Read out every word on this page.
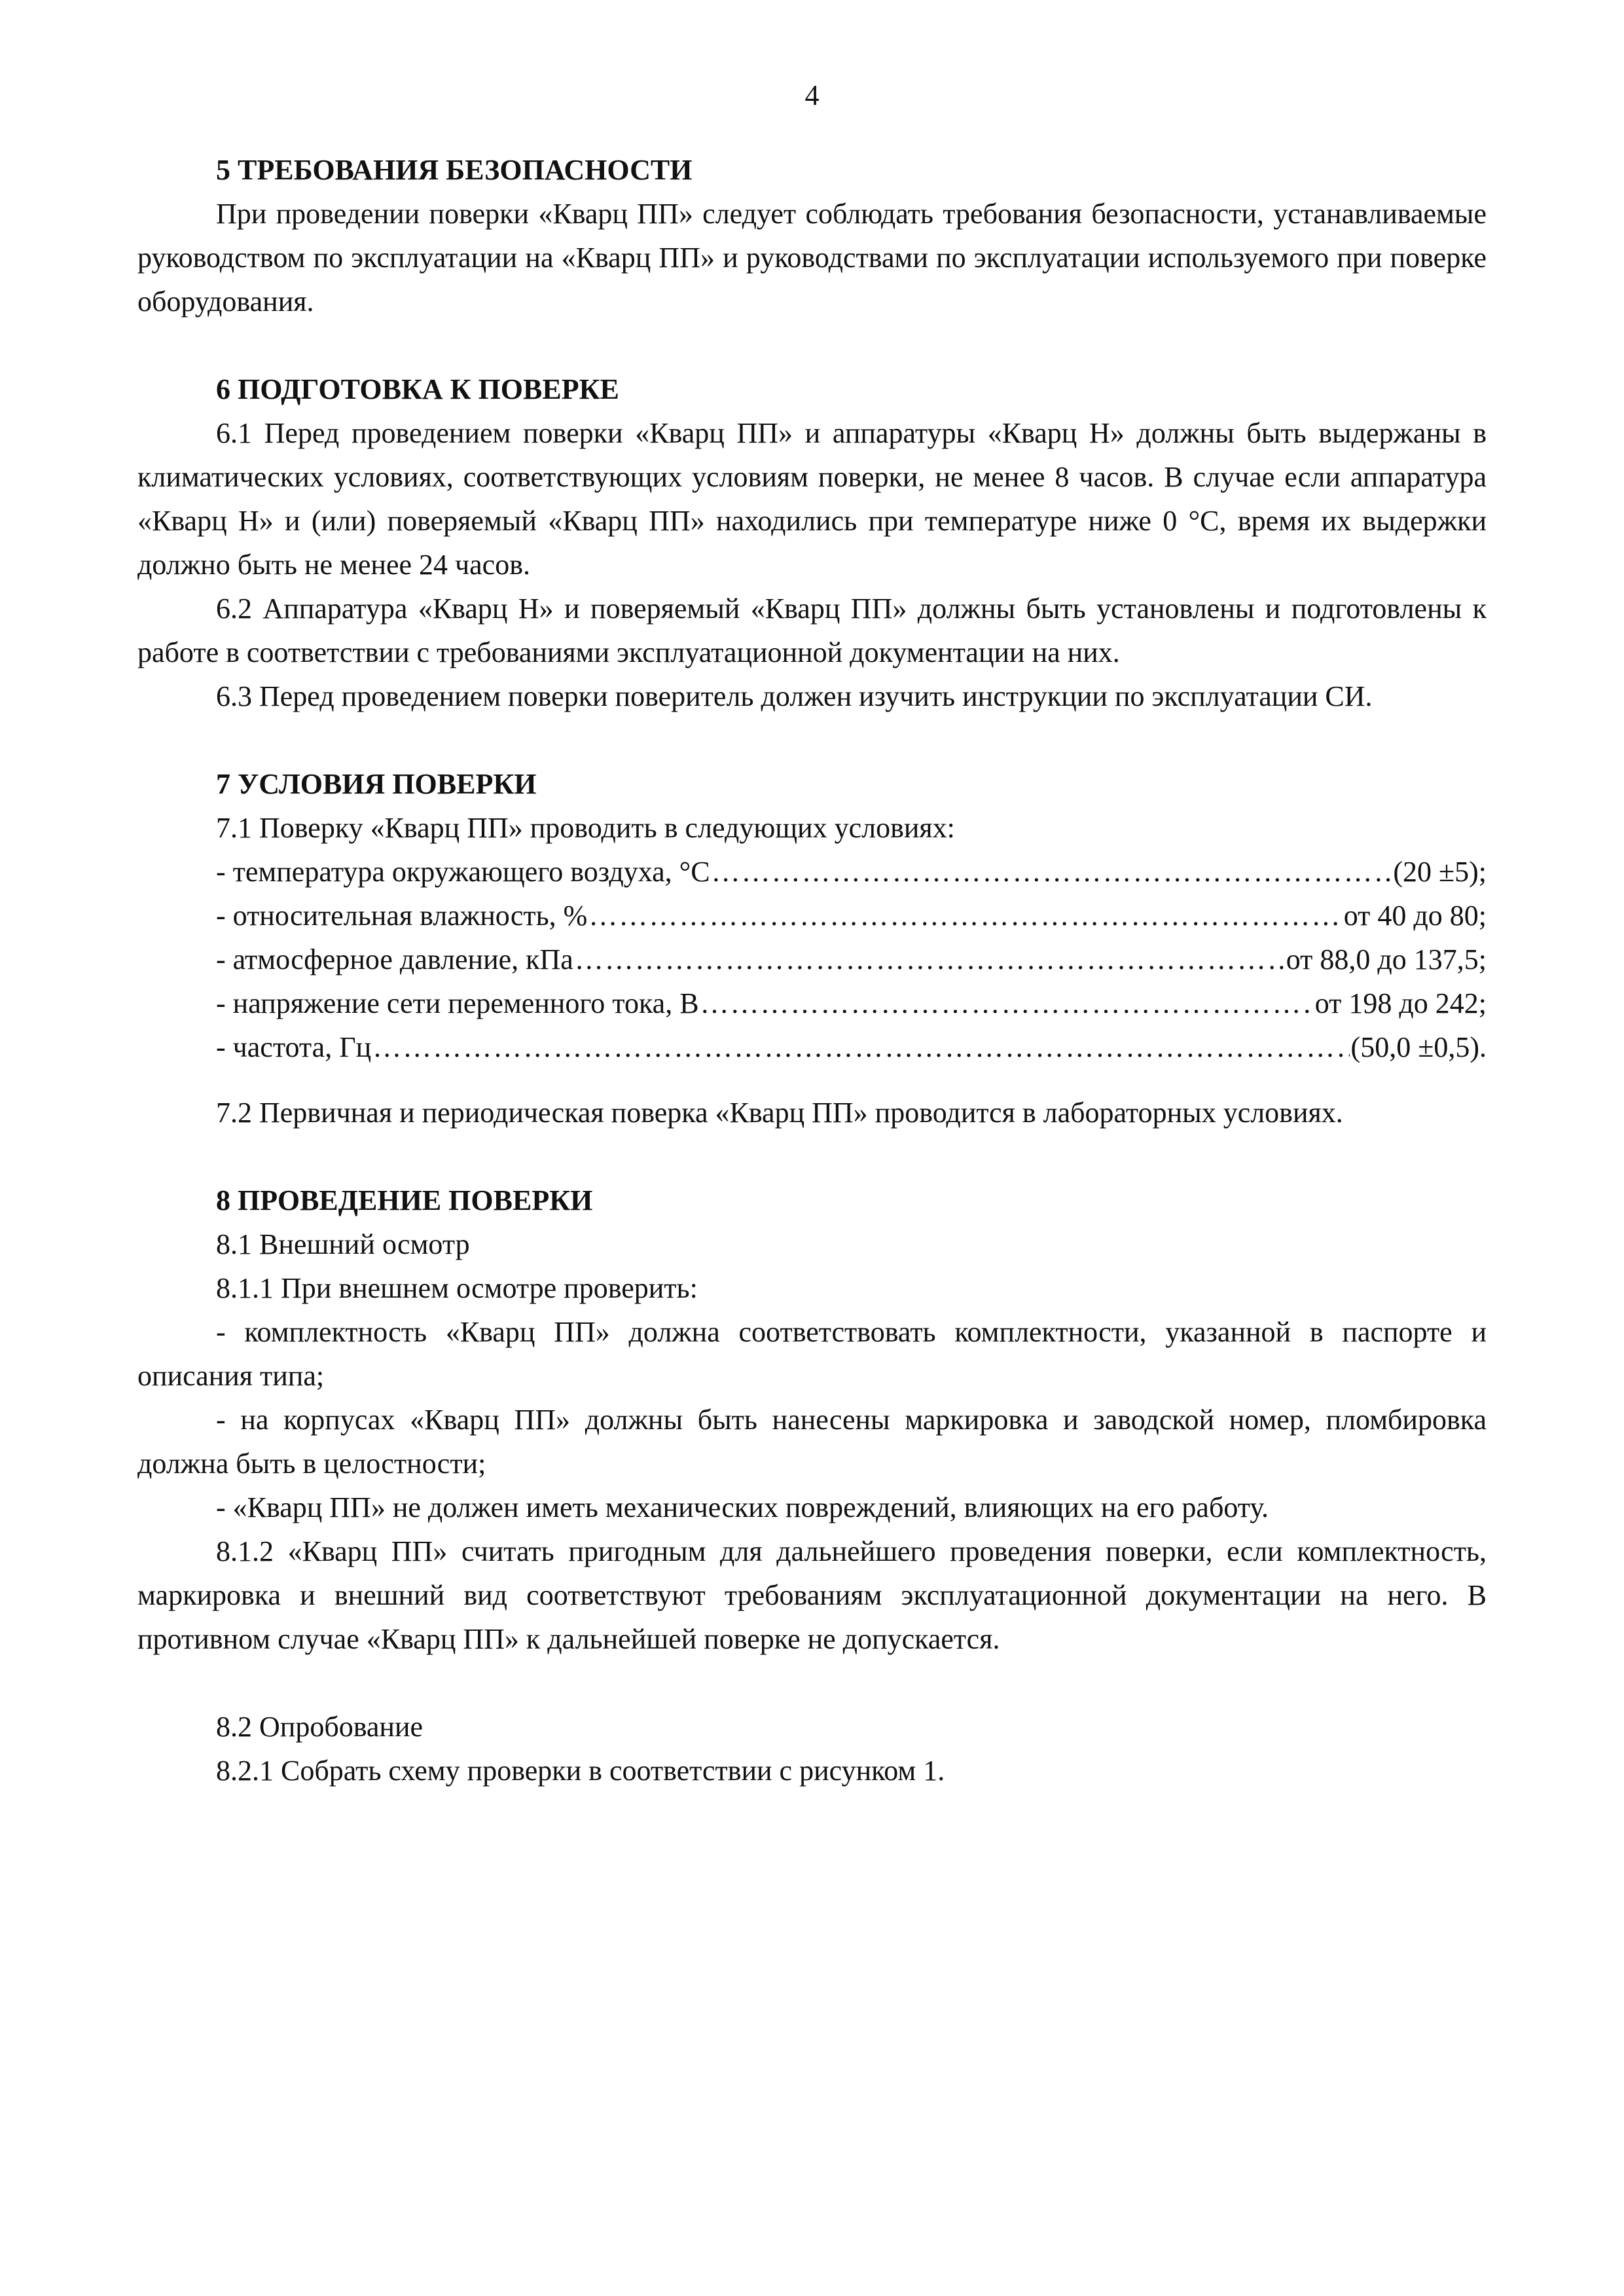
4

5 ТРЕБОВАНИЯ БЕЗОПАСНОСТИ

При проведении поверки «Кварц ПП» следует соблюдать требования безопасности, устанавливаемые руководством по эксплуатации на «Кварц ПП» и руководствами по эксплуатации используемого при поверке оборудования.

6 ПОДГОТОВКА К ПОВЕРКЕ

6.1 Перед проведением поверки «Кварц ПП» и аппаратуры «Кварц Н» должны быть выдержаны в климатических условиях, соответствующих условиям поверки, не менее 8 часов. В случае если аппаратура «Кварц Н» и (или) поверяемый «Кварц ПП» находились при температуре ниже 0 °С, время их выдержки должно быть не менее 24 часов.

6.2 Аппаратура «Кварц Н» и поверяемый «Кварц ПП» должны быть установлены и подготовлены к работе в соответствии с требованиями эксплуатационной документации на них.

6.3 Перед проведением поверки поверитель должен изучить инструкции по эксплуатации СИ.

7 УСЛОВИЯ ПОВЕРКИ

7.1 Поверку «Кварц ПП» проводить в следующих условиях:

- температура окружающего воздуха, °С ……………………………………………………………………………………………………………………………………………………………………………………………………………………………………	(20 ±5);
- относительная влажность, % ……………………………………………………………………………………………………………………………………………………………………………………………………………………………………	от 40 до 80;
- атмосферное давление, кПа ……………………………………………………………………………………………………………………………………………………………………………………………………………………………………	от 88,0 до 137,5;
- напряжение сети переменного тока, В ……………………………………………………………………………………………………………………………………………………………………………………………………………………………………	от 198 до 242;
- частота, Гц ……………………………………………………………………………………………………………………………………………………………………………………………………………………………………	(50,0 ±0,5).

7.2 Первичная и периодическая поверка «Кварц ПП» проводится в лабораторных условиях.

8 ПРОВЕДЕНИЕ ПОВЕРКИ

8.1 Внешний осмотр

8.1.1 При внешнем осмотре проверить:

- комплектность «Кварц ПП» должна соответствовать комплектности, указанной в паспорте и описания типа;

- на корпусах «Кварц ПП» должны быть нанесены маркировка и заводской номер, пломбировка должна быть в целостности;

- «Кварц ПП» не должен иметь механических повреждений, влияющих на его работу.

8.1.2 «Кварц ПП» считать пригодным для дальнейшего проведения поверки, если комплектность, маркировка и внешний вид соответствуют требованиям эксплуатационной документации на него. В противном случае «Кварц ПП» к дальнейшей поверке не допускается.

8.2 Опробование

8.2.1 Собрать схему проверки в соответствии с рисунком 1.
